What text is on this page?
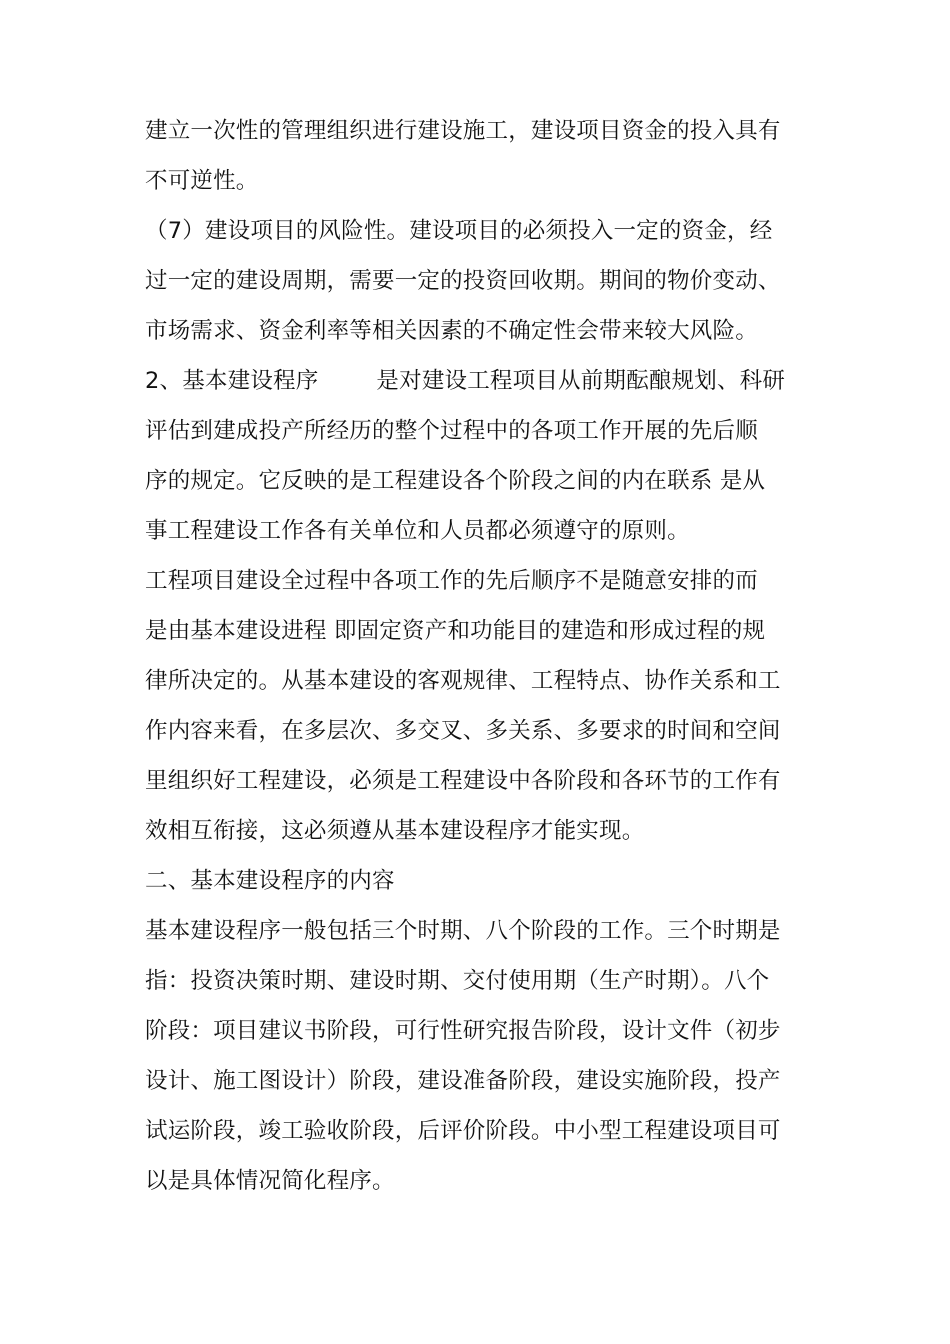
建立一次性的管理组织进行建设施工，建设项目资金的投入具有
不可逆性。
（7）建设项目的风险性。建设项目的必须投入一定的资金，经
过一定的建设周期，需要一定的投资回收期。期间的物价变动、
市场需求、资金利率等相关因素的不确定性会带来较大风险。
2、基本建设程序	是对建设工程项目从前期酝酿规划、科研
评估到建成投产所经历的整个过程中的各项工作开展的先后顺
序的规定。它反映的是工程建设各个阶段之间的内在联系 是从
事工程建设工作各有关单位和人员都必须遵守的原则。
工程项目建设全过程中各项工作的先后顺序不是随意安排的而
是由基本建设进程 即固定资产和功能目的建造和形成过程的规
律所决定的。从基本建设的客观规律、工程特点、协作关系和工
作内容来看，在多层次、多交叉、多关系、多要求的时间和空间
里组织好工程建设，必须是工程建设中各阶段和各环节的工作有
效相互衔接，这必须遵从基本建设程序才能实现。
二、基本建设程序的内容
基本建设程序一般包括三个时期、八个阶段的工作。三个时期是
指：投资决策时期、建设时期、交付使用期（生产时期）。八个
阶段：项目建议书阶段，可行性研究报告阶段，设计文件（初步
设计、施工图设计）阶段，建设准备阶段，建设实施阶段，投产
试运阶段，竣工验收阶段，后评价阶段。中小型工程建设项目可
以是具体情况简化程序。
